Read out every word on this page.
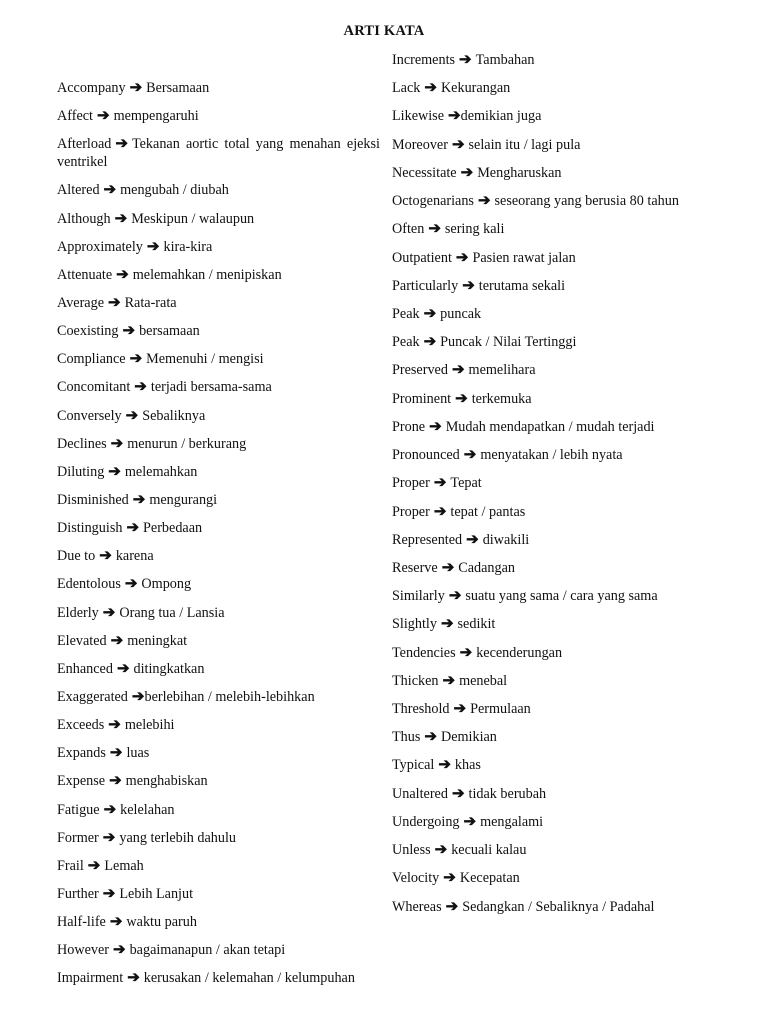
ARTI KATA
Accompany ➔ Bersamaan
Affect ➔ mempengaruhi
Afterload ➔ Tekanan aortic total yang menahan ejeksi ventrikel
Altered ➔ mengubah / diubah
Although ➔ Meskipun / walaupun
Approximately ➔ kira-kira
Attenuate ➔ melemahkan / menipiskan
Average ➔ Rata-rata
Coexisting ➔ bersamaan
Compliance ➔ Memenuhi / mengisi
Concomitant ➔ terjadi bersama-sama
Conversely ➔ Sebaliknya
Declines ➔ menurun / berkurang
Diluting ➔ melemahkan
Disminished ➔ mengurangi
Distinguish ➔ Perbedaan
Due to ➔ karena
Edentolous ➔ Ompong
Elderly ➔ Orang tua / Lansia
Elevated ➔ meningkat
Enhanced ➔ ditingkatkan
Exaggerated ➔berlebihan / melebih-lebihkan
Exceeds ➔ melebihi
Expands ➔ luas
Expense ➔ menghabiskan
Fatigue ➔ kelelahan
Former ➔ yang terlebih dahulu
Frail ➔ Lemah
Further ➔ Lebih Lanjut
Half-life ➔ waktu paruh
However ➔ bagaimanapun / akan tetapi
Impairment ➔ kerusakan / kelemahan / kelumpuhan
Increments ➔ Tambahan
Lack ➔ Kekurangan
Likewise ➔demikian juga
Moreover ➔ selain itu / lagi pula
Necessitate ➔ Mengharuskan
Octogenarians ➔ seseorang yang berusia 80 tahun
Often ➔ sering kali
Outpatient ➔ Pasien rawat jalan
Particularly ➔ terutama sekali
Peak ➔ puncak
Peak ➔ Puncak / Nilai Tertinggi
Preserved ➔ memelihara
Prominent ➔ terkemuka
Prone ➔ Mudah mendapatkan / mudah terjadi
Pronounced ➔ menyatakan / lebih nyata
Proper ➔ Tepat
Proper ➔ tepat / pantas
Represented ➔ diwakili
Reserve ➔ Cadangan
Similarly ➔ suatu yang sama / cara yang sama
Slightly ➔ sedikit
Tendencies ➔ kecenderungan
Thicken ➔ menebal
Threshold ➔ Permulaan
Thus ➔ Demikian
Typical ➔ khas
Unaltered ➔ tidak berubah
Undergoing ➔ mengalami
Unless ➔ kecuali kalau
Velocity ➔ Kecepatan
Whereas ➔ Sedangkan / Sebaliknya / Padahal
